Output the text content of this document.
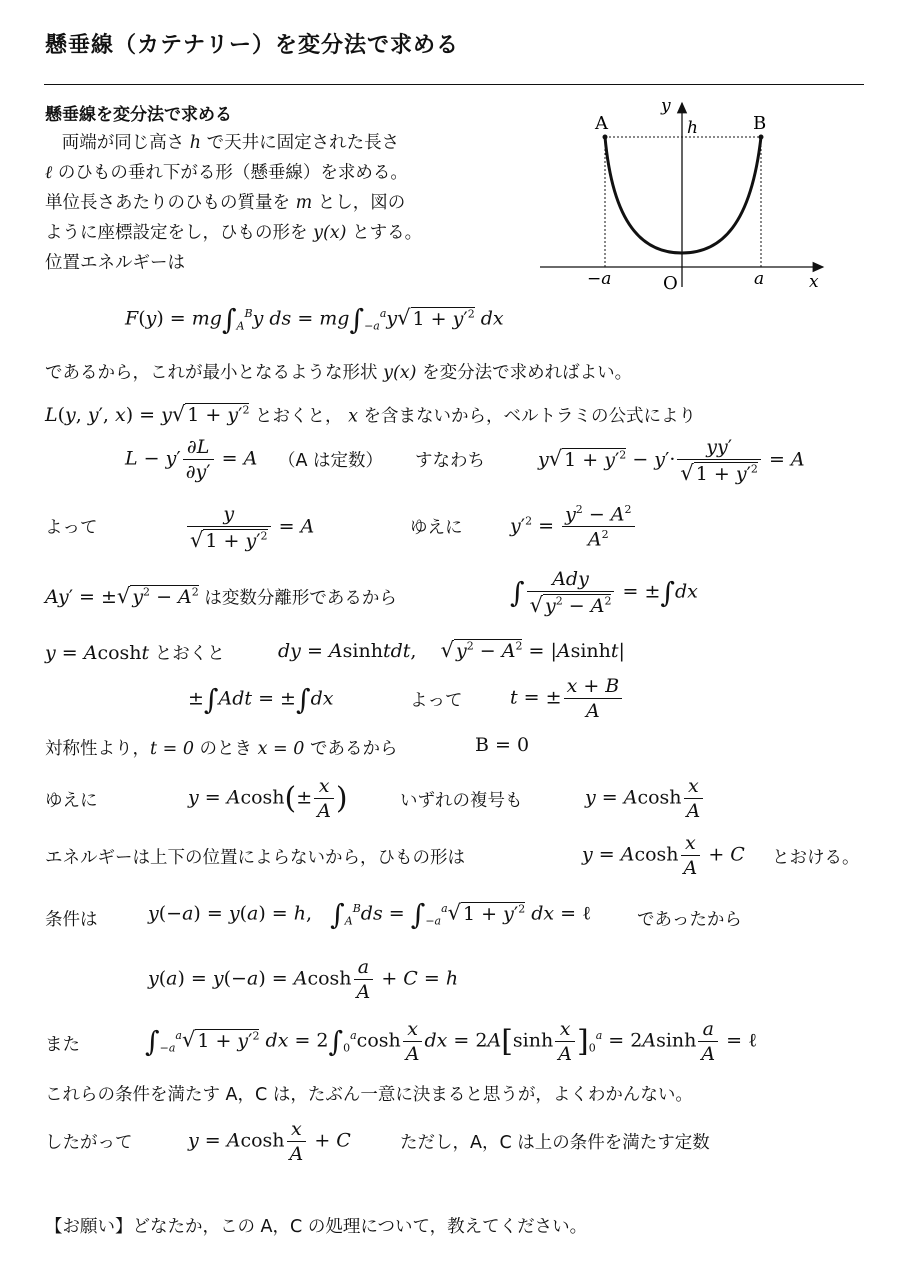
懸垂線（カテナリー）を変分法で求める
懸垂線を変分法で求める
両端が同じ高さ h で天井に固定された長さ
ℓ のひもの垂れ下がる形（懸垂線）を求める。
単位長さあたりのひもの質量を m とし，図の
ように座標設定をし，ひもの形を y(x) とする。
位置エネルギーは
A	B
h
y
x
O
−a	a
$F(y) = mg\int_A^By$ ds = $mg\int_{-a}^ay√$ $1 + y'^2$ dx
であるから，これが最小となるような形状 y(x) を変分法で求めればよい。
L(y, y′, x) = y√ $1 + y'^2$ とおくと， x を含まないから，ベルトラミの公式により
$L - y' \frac{\partial L}{\partial y'} = A$ （A は定数） すなわち	y√ $1 + y'^2 - y'\cdot \frac{yy'}{√ 1 + y'^2} = A$
よって	$\frac{y}{√ 1 + y'^2} = A$	ゆえに	$y'^2 = \frac{y^2 - A^2}{A^2}$
Ay′ = ±√ $y^2 - A^2$ は変数分離形であるから	∫ $\frac{\text{Ady}}{√ y^2 - A^2} = \pm\int dx$
y = Acosht とおくと	dy = Asinhtdt,    √ $y^2 - A^2 = |Asinht|$
±∫Adt = ±∫dx	よって	t = ± $\frac{x + B}{A}$
対称性より，t = 0 のとき x = 0 であるから	B = 0
ゆえに	$y = Acosh(\pm \frac{x}{A}$ )	いずれの複号も	y = Acosh $\frac{x}{A}$
エネルギーは上下の位置によらないから，ひもの形は	y = Acosh $\frac{x}{A} + C$ とおける。
条件は	y(−a) = y(a) = h,   $\int_A^Bds = \int_{-a}^a√$ $1 + y'^2$ dx = ℓ	であったから
y(a) = y(−a) = Acosh $\frac{a}{A} + C = h$
また $\int_{-a}^a√$ $1 + y'^2$ dx = $2\int_0^a\cosh \frac{x}{A}$ dx = $2A[\sinh \frac{x}{A} ]_0^a = 2Asinh \frac{a}{A}$ = ℓ
これらの条件を満たす A，C は，たぶん一意に決まると思うが，よくわかんない。
したがって	y = Acosh $\frac{x}{A} + C$	ただし，A，C は上の条件を満たす定数
【お願い】どなたか，この A，C の処理について，教えてください。
